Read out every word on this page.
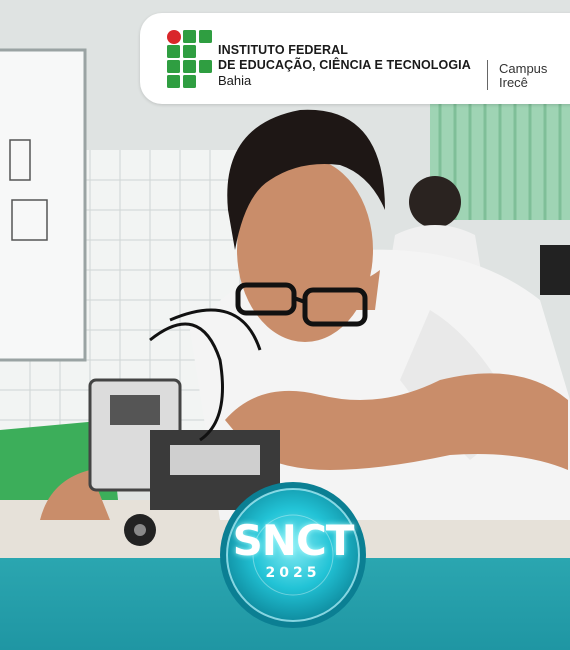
INSTITUTO FEDERAL
DE EDUCAÇÃO, CIÊNCIA E TECNOLOGIA
Bahia
Campus
Irecê
SNCT
2025
